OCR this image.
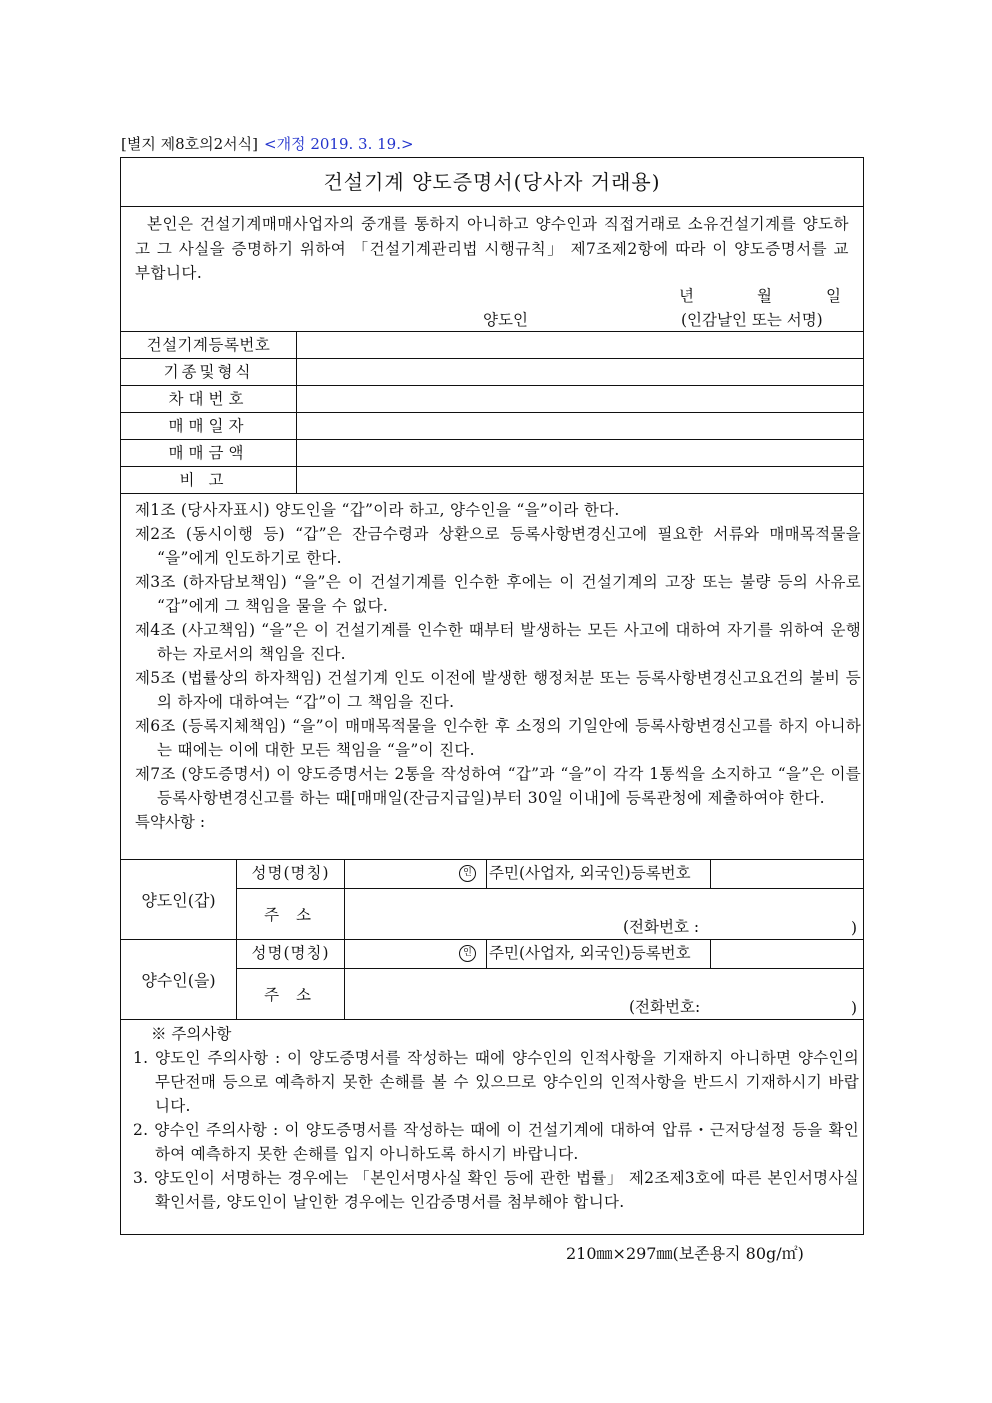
[별지 제8호의2서식] <개정 2019. 3. 19.>
건설기계 양도증명서(당사자 거래용)
본인은 건설기계매매사업자의 중개를 통하지 아니하고 양수인과 직접거래로 소유건설기계를 양도하고 그 사실을 증명하기 위하여 「건설기계관리법 시행규칙」 제7조제2항에 따라 이 양도증명서를 교부합니다.
년	월	일
양도인	(인감날인 또는 서명)
건설기계등록번호
기종및형식
차대번호
매매일자
매매금액
비고

제1조 (당사자표시) 양도인을 “갑”이라 하고, 양수인을 “을”이라 한다.

제2조 (동시이행 등) “갑”은 잔금수령과 상환으로 등록사항변경신고에 필요한 서류와 매매목적물을 “을”에게 인도하기로 한다.

제3조 (하자담보책임) “을”은 이 건설기계를 인수한 후에는 이 건설기계의 고장 또는 불량 등의 사유로 “갑”에게 그 책임을 물을 수 없다.

제4조 (사고책임) “을”은 이 건설기계를 인수한 때부터 발생하는 모든 사고에 대하여 자기를 위하여 운행하는 자로서의 책임을 진다.

제5조 (법률상의 하자책임) 건설기계 인도 이전에 발생한 행정처분 또는 등록사항변경신고요건의 불비 등의 하자에 대하여는 “갑”이 그 책임을 진다.

제6조 (등록지체책임) “을”이 매매목적물을 인수한 후 소정의 기일안에 등록사항변경신고를 하지 아니하는 때에는 이에 대한 모든 책임을 “을”이 진다.

제7조 (양도증명서) 이 양도증명서는 2통을 작성하여 “갑”과 “을”이 각각 1통씩을 소지하고 “을”은 이를 등록사항변경신고를 하는 때[매매일(잔금지급일)부터 30일 이내]에 등록관청에 제출하여야 한다.

특약사항 :

양도인(갑)
성명(명칭)	인 주민(사업자, 외국인)등록번호
주 소
(전화번호 :	)
양수인(을)
성명(명칭)	인 주민(사업자, 외국인)등록번호
주 소
(전화번호:	)

※ 주의사항

1. 양도인 주의사항 : 이 양도증명서를 작성하는 때에 양수인의 인적사항을 기재하지 아니하면 양수인의 무단전매 등으로 예측하지 못한 손해를 볼 수 있으므로 양수인의 인적사항을 반드시 기재하시기 바랍니다.

2. 양수인 주의사항 : 이 양도증명서를 작성하는 때에 이 건설기계에 대하여 압류・근저당설정 등을 확인하여 예측하지 못한 손해를 입지 아니하도록 하시기 바랍니다.

3. 양도인이 서명하는 경우에는 「본인서명사실 확인 등에 관한 법률」 제2조제3호에 따른 본인서명사실확인서를, 양도인이 날인한 경우에는 인감증명서를 첨부해야 합니다.

210㎜×297㎜(보존용지 80g/㎡)
